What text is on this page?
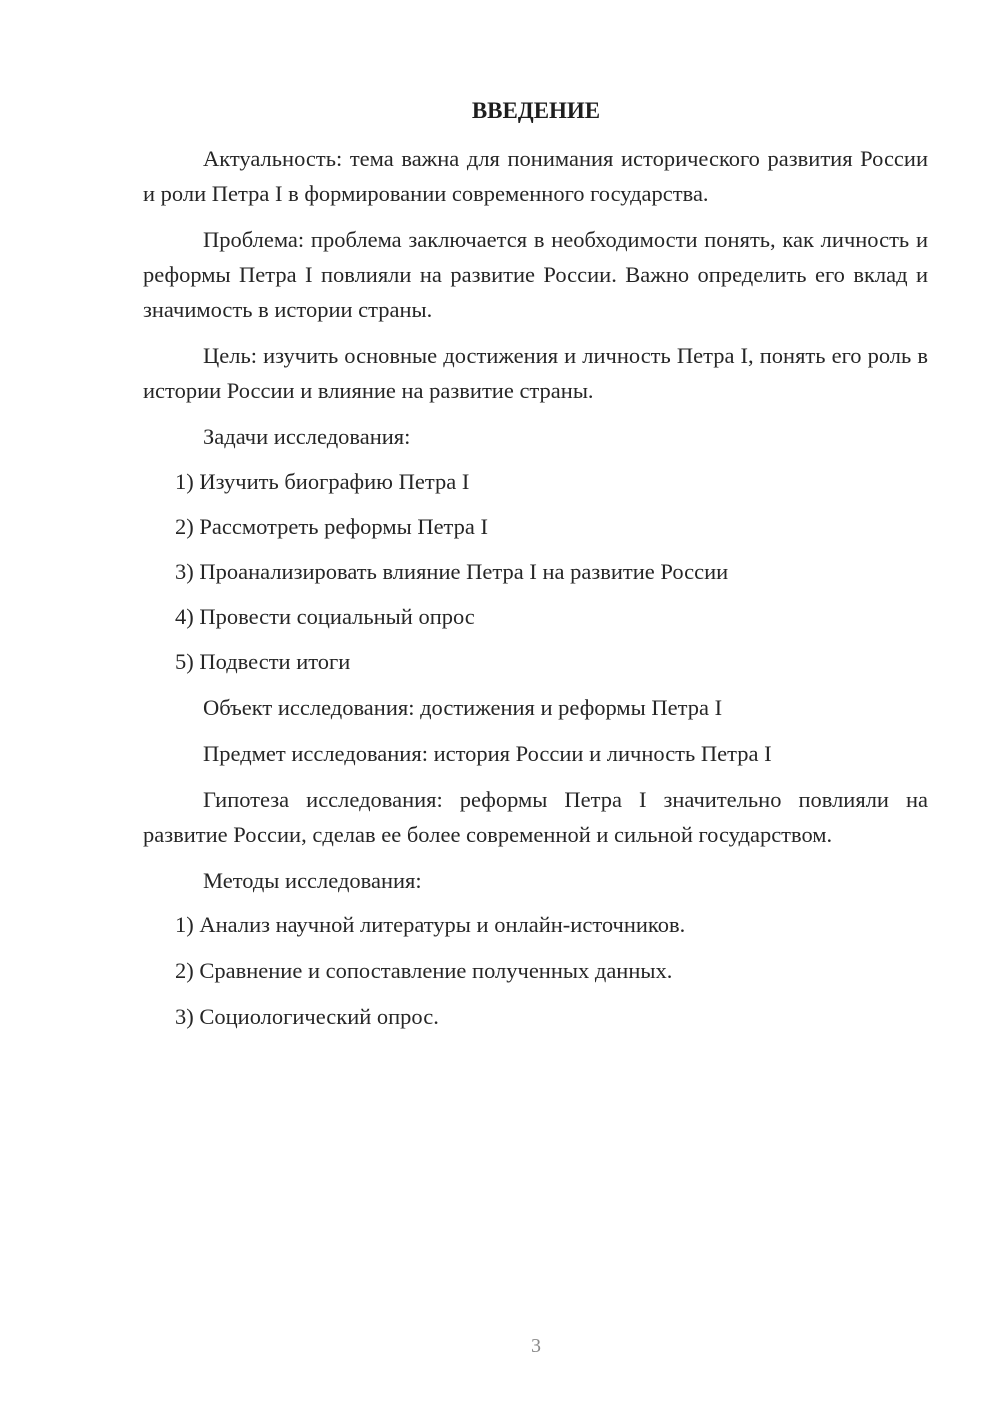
ВВЕДЕНИЕ

Актуальность: тема важна для понимания исторического развития России и роли Петра I в формировании современного государства.

Проблема: проблема заключается в необходимости понять, как личность и реформы Петра I повлияли на развитие России. Важно определить его вклад и значимость в истории страны.

Цель: изучить основные достижения и личность Петра I, понять его роль в истории России и влияние на развитие страны.

Задачи исследования:
1) Изучить биографию Петра I
2) Рассмотреть реформы Петра I
3) Проанализировать влияние Петра I на развитие России
4) Провести социальный опрос
5) Подвести итоги
Объект исследования: достижения и реформы Петра I
Предмет исследования: история России и личность Петра I

Гипотеза исследования: реформы Петра I значительно повлияли на развитие России, сделав ее более современной и сильной государством.

Методы исследования:
1) Анализ научной литературы и онлайн-источников.
2) Сравнение и сопоставление полученных данных.
3) Социологический опрос.
3
